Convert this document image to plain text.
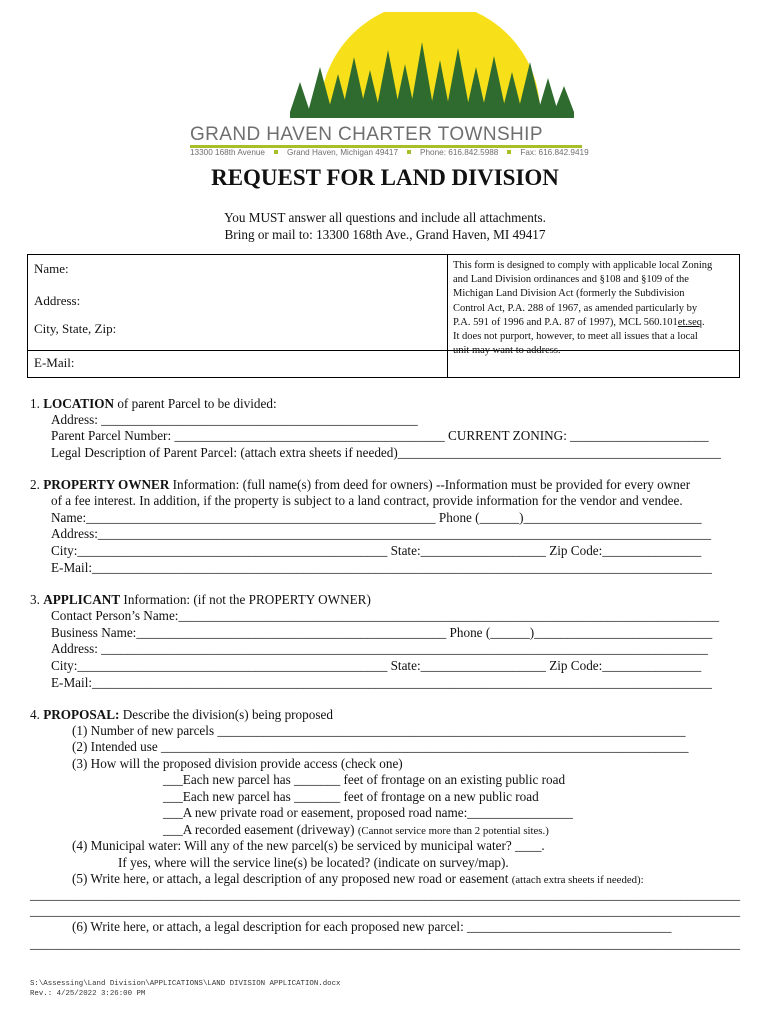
GRAND HAVEN CHARTER TOWNSHIP
13300 168th Avenue	Grand Haven, Michigan 49417	Phone: 616.842.5988	Fax: 616.842.9419
REQUEST FOR LAND DIVISION
You MUST answer all questions and include all attachments.
Bring or mail to: 13300 168th Ave., Grand Haven, MI 49417
Name:
Address:
City, State, Zip:
E-Mail:
This form is designed to comply with applicable local Zoning
and Land Division ordinances and §108 and §109 of the
Michigan Land Division Act (formerly the Subdivision
Control Act, P.A. 288 of 1967, as amended particularly by
P.A. 591 of 1996 and P.A. 87 of 1997), MCL 560.101et.seq.
It does not purport, however, to meet all issues that a local
unit may want to address.
1. LOCATION of parent Parcel to be divided:
Address: ________________________________________________
Parent Parcel Number: _________________________________________ CURRENT ZONING: _____________________
Legal Description of Parent Parcel: (attach extra sheets if needed)_________________________________________________
2. PROPERTY OWNER Information: (full name(s) from deed for owners) --Information must be provided for every owner
of a fee interest. In addition, if the property is subject to a land contract, provide information for the vendor and vendee.
Name:_____________________________________________________ Phone (______)___________________________
Address:_____________________________________________________________________________________________
City:_______________________________________________ State:___________________ Zip Code:_______________
E-Mail:______________________________________________________________________________________________
3. APPLICANT Information: (if not the PROPERTY OWNER)
Contact Person’s Name:__________________________________________________________________________________
Business Name:_______________________________________________ Phone (______)___________________________
Address: ____________________________________________________________________________________________
City:_______________________________________________ State:___________________ Zip Code:_______________
E-Mail:______________________________________________________________________________________________
4. PROPOSAL: Describe the division(s) being proposed
(1) Number of new parcels _______________________________________________________________________
(2) Intended use ________________________________________________________________________________
(3) How will the proposed division provide access (check one)
___Each new parcel has _______ feet of frontage on an existing public road
___Each new parcel has _______ feet of frontage on a new public road
___A new private road or easement, proposed road name:________________
___A recorded easement (driveway) (Cannot service more than 2 potential sites.)
(4) Municipal water: Will any of the new parcel(s) be serviced by municipal water? ____.
If yes, where will the service line(s) be located? (indicate on survey/map).
(5) Write here, or attach, a legal description of any proposed new road or easement (attach extra sheets if needed):
____________________________________________________________________________________________________________
____________________________________________________________________________________________________________
(6) Write here, or attach, a legal description for each proposed new parcel: _______________________________
____________________________________________________________________________________________________________
S:\Assessing\Land Division\APPLICATIONS\LAND DIVISION APPLICATION.docx
Rev.: 4/25/2022 3:26:00 PM
